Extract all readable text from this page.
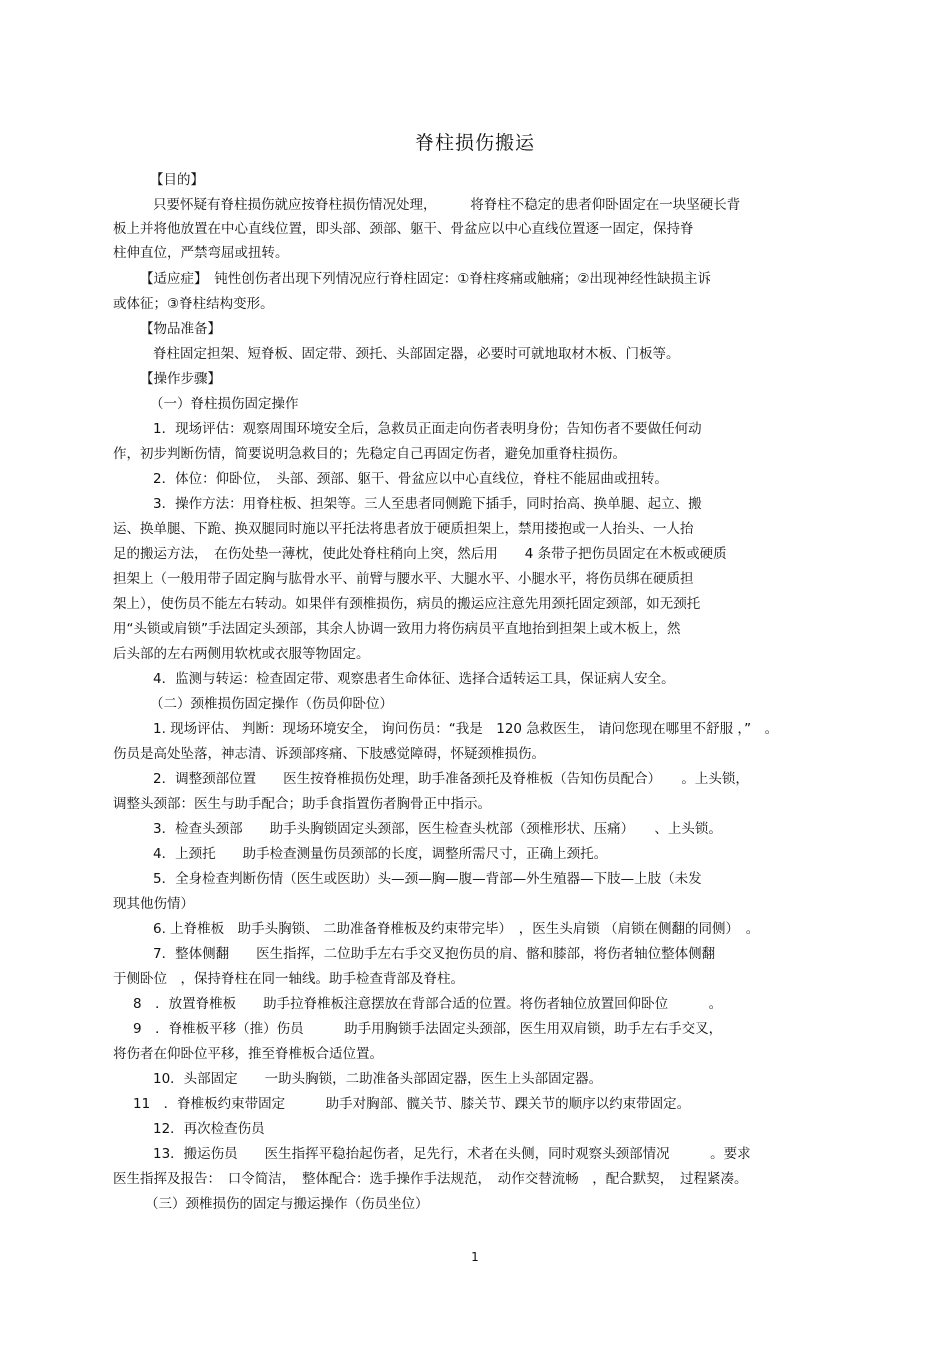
脊柱损伤搬运

【目的】

只要怀疑有脊柱损伤就应按脊柱损伤情况处理，　　　将脊柱不稳定的患者仰卧固定在一块坚硬长背

板上并将他放置在中心直线位置，即头部、颈部、躯干、骨盆应以中心直线位置逐一固定，保持脊

柱伸直位，严禁弯屈或扭转。

【适应症】　钝性创伤者出现下列情况应行脊柱固定：①脊柱疼痛或触痛；②出现神经性缺损主诉

或体征；③脊柱结构变形。

【物品准备】

脊柱固定担架、短脊板、固定带、颈托、头部固定器，必要时可就地取材木板、门板等。

【操作步骤】

（一）脊柱损伤固定操作

1．现场评估：观察周围环境安全后，急救员正面走向伤者表明身份；告知伤者不要做任何动

作，初步判断伤情，简要说明急救目的；先稳定自己再固定伤者，避免加重脊柱损伤。

2．体位：仰卧位，　头部、颈部、躯干、骨盆应以中心直线位，脊柱不能屈曲或扭转。

3．操作方法：用脊柱板、担架等。三人至患者同侧跪下插手，同时抬高、换单腿、起立、搬

运、换单腿、下跪、换双腿同时施以平托法将患者放于硬质担架上，禁用搂抱或一人抬头、一人抬

足的搬运方法，　在伤处垫一薄枕，使此处脊柱稍向上突，然后用　　4 条带子把伤员固定在木板或硬质

担架上（一般用带子固定胸与肱骨水平、前臂与腰水平、大腿水平、小腿水平，将伤员绑在硬质担

架上），使伤员不能左右转动。如果伴有颈椎损伤，病员的搬运应注意先用颈托固定颈部，如无颈托

用“头锁或肩锁”手法固定头颈部，其余人协调一致用力将伤病员平直地抬到担架上或木板上，然

后头部的左右两侧用软枕或衣服等物固定。

4．监测与转运：检查固定带、观察患者生命体征、选择合适转运工具，保证病人安全。

（二）颈椎损伤固定操作（伤员仰卧位）

1. 现场评估、 判断：现场环境安全， 询问伤员：“我是　120 急救医生， 请问您现在哪里不舒服 ，”　。

伤员是高处坠落，神志清、诉颈部疼痛、下肢感觉障碍，怀疑颈椎损伤。

2．调整颈部位置　　医生按脊椎损伤处理，助手准备颈托及脊椎板（告知伤员配合）　　。上头锁，

调整头颈部：医生与助手配合；助手食指置伤者胸骨正中指示。

3．检查头颈部　　助手头胸锁固定头颈部，医生检查头枕部（颈椎形状、压痛）　　、上头锁。

4．上颈托　　助手检查测量伤员颈部的长度，调整所需尺寸，正确上颈托。

5．全身检查判断伤情（医生或医助）头—颈—胸—腹—背部—外生殖器—下肢—上肢（未发

现其他伤情）

6. 上脊椎板　助手头胸锁、 二助准备脊椎板及约束带完毕）　，医生头肩锁 （肩锁在侧翻的同侧）　。

7．整体侧翻　　医生指挥，二位助手左右手交叉抱伤员的肩、髂和膝部，将伤者轴位整体侧翻

于侧卧位　，保持脊柱在同一轴线。助手检查背部及脊柱。

8　．放置脊椎板　　助手拉脊椎板注意摆放在背部合适的位置。将伤者轴位放置回仰卧位　　　。

9　．脊椎板平移（推）伤员　　　助手用胸锁手法固定头颈部，医生用双肩锁，助手左右手交叉，

将伤者在仰卧位平移，推至脊椎板合适位置。

10．头部固定　　一助头胸锁，二助准备头部固定器，医生上头部固定器。

11　．脊椎板约束带固定　　　助手对胸部、髋关节、膝关节、踝关节的顺序以约束带固定。

12．再次检查伤员

13．搬运伤员　　医生指挥平稳抬起伤者，足先行，术者在头侧，同时观察头颈部情况　　　。要求

医生指挥及报告：　口令简洁，　整体配合：选手操作手法规范，　动作交替流畅　，配合默契，　过程紧凑。

（三）颈椎损伤的固定与搬运操作（伤员坐位）

1
